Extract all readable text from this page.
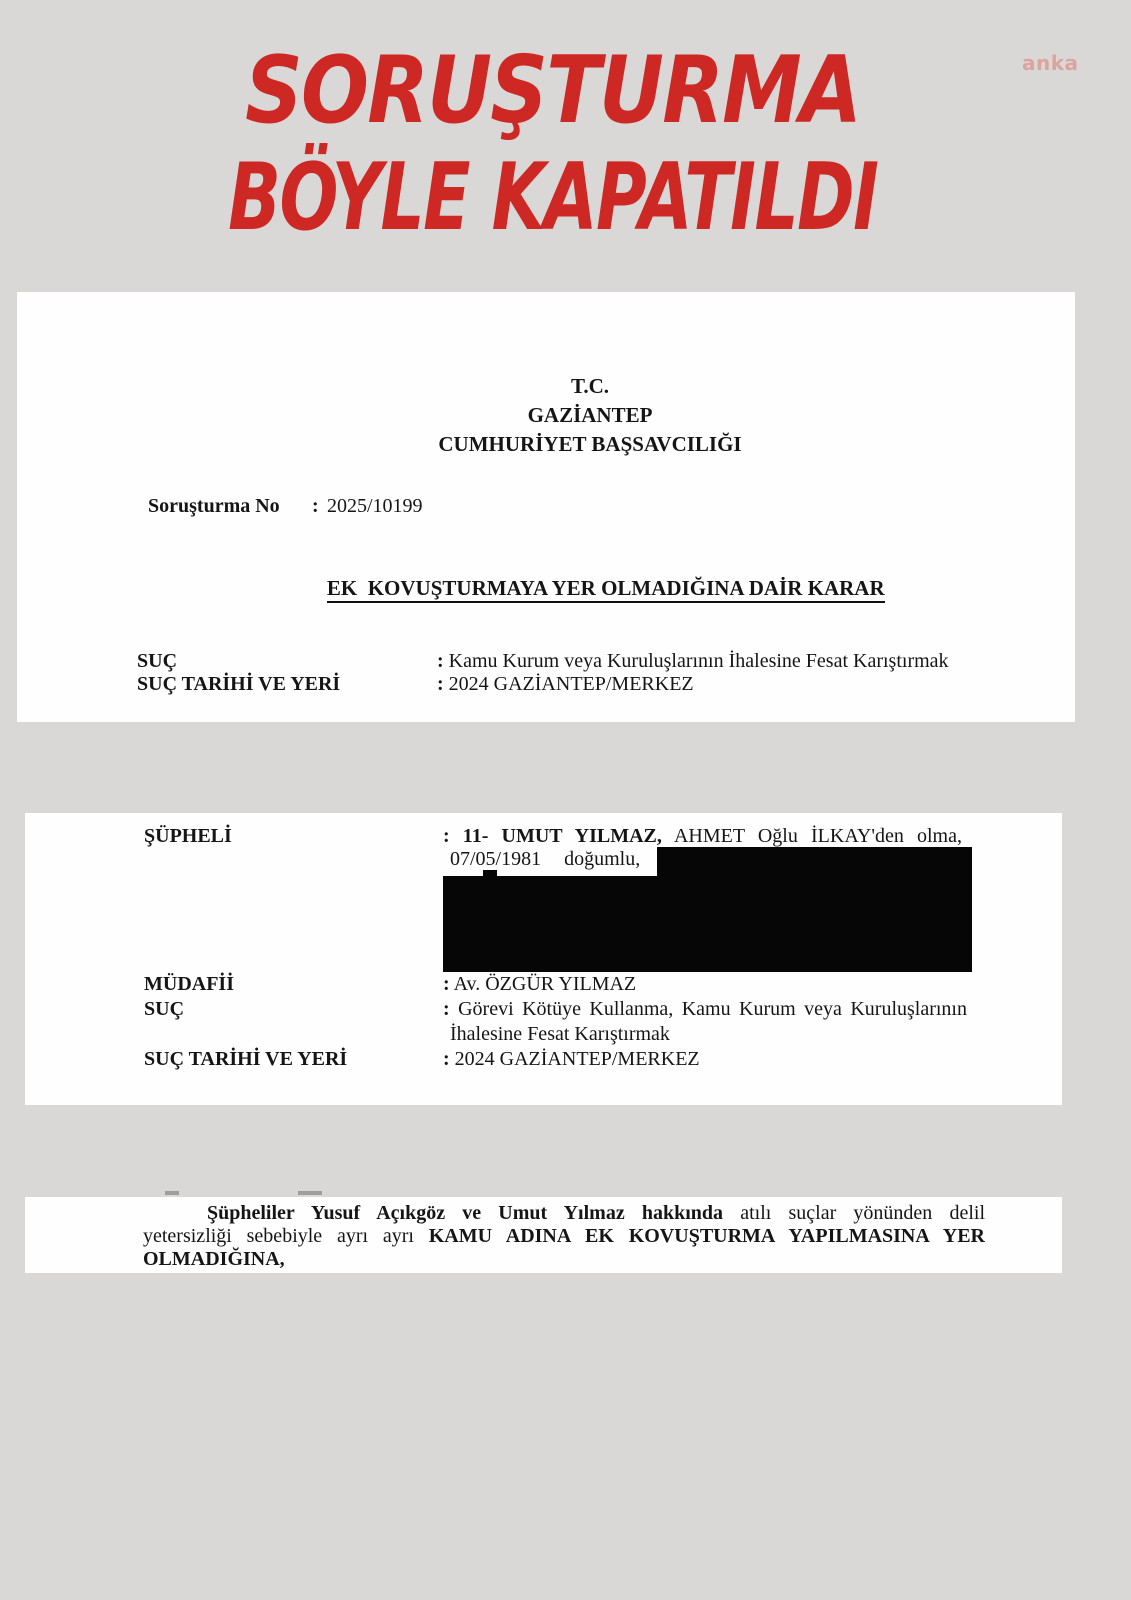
SORUŞTURMA
BÖYLE KAPATILDI
anka
T.C.
GAZİANTEP
CUMHURİYET BAŞSAVCILIĞI
Soruşturma No : 2025/10199

EK  KOVUŞTURMAYA YER OLMADIĞINA DAİR KARAR

SUÇ	: Kamu Kurum veya Kuruluşlarının İhalesine Fesat Karıştırmak
SUÇ TARİHİ VE YERİ	: 2024 GAZİANTEP/MERKEZ
ŞÜPHELİ	: 11- UMUT YILMAZ, AHMET Oğlu İLKAY'den olma,
07/05/1981 doğumlu,
MÜDAFİİ	: Av. ÖZGÜR YILMAZ
SUÇ	: Görevi Kötüye Kullanma, Kamu Kurum veya Kuruluşlarının
İhalesine Fesat Karıştırmak
SUÇ TARİHİ VE YERİ	: 2024 GAZİANTEP/MERKEZ
Şüpheliler Yusuf Açıkgöz ve Umut Yılmaz hakkında atılı suçlar yönünden delil
yetersizliği sebebiyle ayrı ayrı KAMU ADINA EK KOVUŞTURMA YAPILMASINA YER
OLMADIĞINA,
